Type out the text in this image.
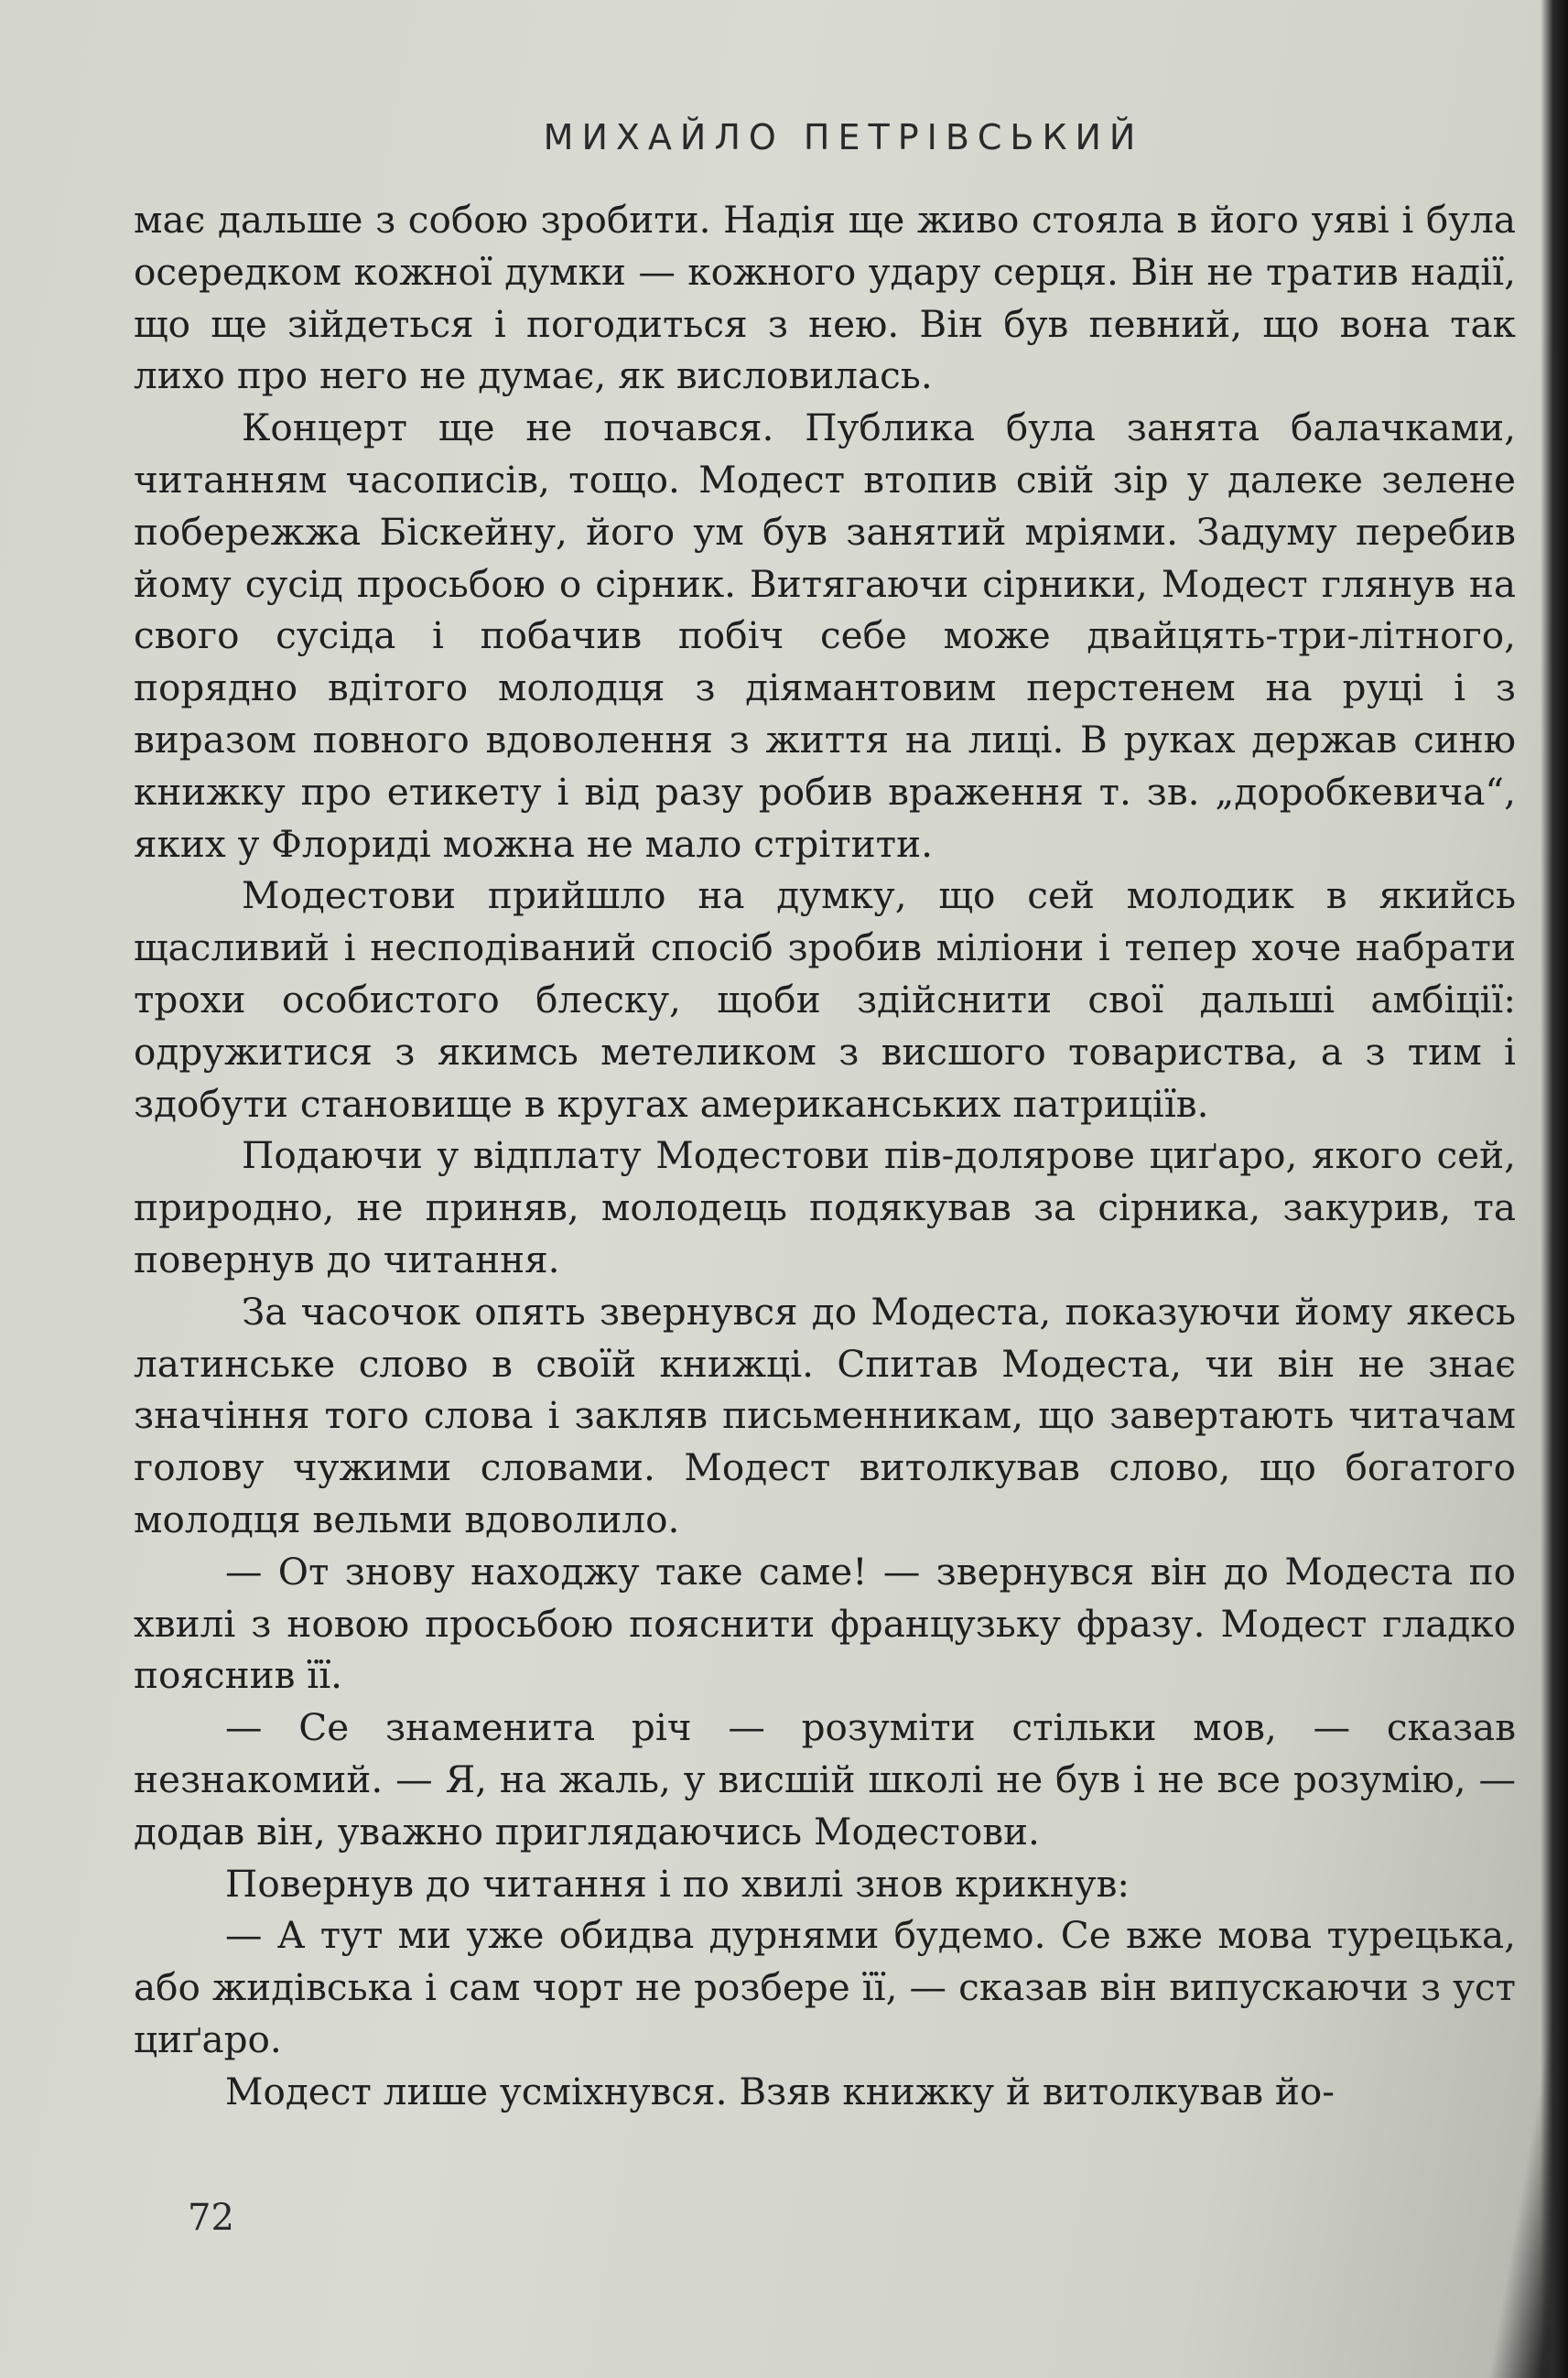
МИХАЙЛО ПЕТРІВСЬКИЙ

має дальше з собою зробити. Надія ще живо стояла в його уяві і була осередком кожної думки — кожного удару серця. Він не тратив надії, що ще зійдеться і погодиться з нею. Він був певний, що вона так лихо про него не думає, як висловилась.

Концерт ще не почався. Публика була занята балачками, читанням часописів, тощо. Модест втопив свій зір у далеке зелене побережжа Біскейну, його ум був занятий мріями. Задуму перебив йому сусід просьбою о сірник. Витягаючи сірники, Модест глянув на свого сусіда і побачив побіч себе може двайцять-три-літного, порядно вдітого молодця з діямантовим перстенем на руці і з виразом повного вдоволення з життя на лиці. В руках держав синю книжку про етикету і від разу робив враження т. зв. „доробкевича“, яких у Флориді можна не мало стрітити.

Модестови прийшло на думку, що сей молодик в якийсь щасливий і несподіваний спосіб зробив міліони і тепер хоче набрати трохи особистого блеску, щоби здійснити свої дальші амбіції: одружитися з якимсь метеликом з висшого товариства, а з тим і здобути становище в кругах американських патриціїв.

Подаючи у відплату Модестови пів-долярове циґаро, якого сей, природно, не приняв, молодець подякував за сірника, закурив, та повернув до читання.

За часочок опять звернувся до Модеста, показуючи йому якесь латинське слово в своїй книжці. Спитав Модеста, чи він не знає значіння того слова і закляв письменникам, що завертають читачам голову чужими словами. Модест витолкував слово, що богатого молодця вельми вдоволило.

— От знову находжу таке саме! — звернувся він до Модеста по хвилі з новою просьбою пояснити французьку фразу. Модест гладко пояснив її.

— Се знаменита річ — розуміти стільки мов, — сказав незнакомий. — Я, на жаль, у висшій школі не був і не все розумію, — додав він, уважно приглядаючись Модестови.

Повернув до читання і по хвилі знов крикнув:

— А тут ми уже обидва дурнями будемо. Се вже мова турецька, або жидівська і сам чорт не розбере її, — сказав він випускаючи з уст циґаро.

Модест лише усміхнувся. Взяв книжку й витолкував йо-

72
